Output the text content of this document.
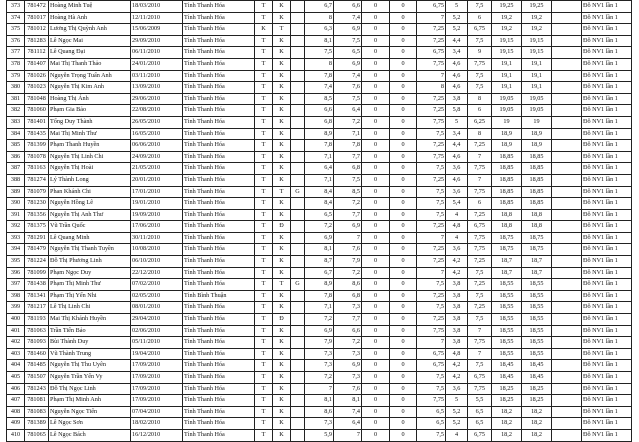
373	781472	Hoàng Minh Tuệ	18/03/2010	Tỉnh Thanh Hóa	T	K		6,7	6,6	0	0	6,75	5	7,5	19,25	19,25		Đỗ NV1 lần 1
374	781017	Hoàng Hà Anh	12/11/2010	Tỉnh Thanh Hóa	T	K		8	7,4	0	0	7	5,2	6	19,2	19,2		Đỗ NV1 lần 1
375	781012	Lương Thị Quỳnh Anh	15/06/2009	Tỉnh Thanh Hóa	K	T		6,3	6,9	0	0	7,25	5,2	6,75	19,2	19,2		Đỗ NV1 lần 1
376	781283	Lê Ngọc Mai	29/09/2010	Tỉnh Thanh Hóa	T	K		8,1	7,5	0	0	7,25	4,4	7,5	19,15	19,15		Đỗ NV1 lần 1
377	781112	Lê Quang Đại	06/11/2010	Tỉnh Thanh Hóa	T	K		7,5	6,5	0	0	6,75	3,4	9	19,15	19,15		Đỗ NV1 lần 1
378	781407	Mai Thị Thanh Thảo	24/01/2010	Tỉnh Thanh Hóa	T	K		8	6,9	0	0	7,75	4,6	7,75	19,1	19,1		Đỗ NV1 lần 1
379	781026	Nguyễn Trọng Tuấn Anh	03/11/2010	Tỉnh Thanh Hóa	T	K		7,8	7,4	0	0	7	4,6	7,5	19,1	19,1		Đỗ NV1 lần 1
380	781023	Nguyễn Thị Kim Anh	13/09/2010	Tỉnh Thanh Hóa	T	K		7,4	7,6	0	0	8	4,6	7,5	19,1	19,1		Đỗ NV1 lần 1
381	781048	Hoàng Thị Ánh	29/06/2010	Tỉnh Thanh Hóa	T	K		8,5	7,5	0	0	7,25	3,8	8	19,05	19,05		Đỗ NV1 lần 1
382	781060	Phạm Gia Bảo	22/08/2010	Tỉnh Thanh Hóa	T	K		6,6	6,4	0	0	7,25	5,8	6	19,05	19,05		Đỗ NV1 lần 1
383	781401	Tống Duy Thành	26/05/2010	Tỉnh Thanh Hóa	T	K		6,8	7,2	0	0	7,75	5	6,25	19	19		Đỗ NV1 lần 1
384	781435	Mai Thị Minh Thư	16/05/2010	Tỉnh Thanh Hóa	T	K		8,9	7,1	0	0	7,5	3,4	8	18,9	18,9		Đỗ NV1 lần 1
385	781399	Phạm Thanh Huyền	06/06/2010	Tỉnh Thanh Hóa	T	K		7,8	7,8	0	0	7,25	4,4	7,25	18,9	18,9		Đỗ NV1 lần 1
386	781078	Nguyễn Thị Linh Chi	24/09/2010	Tỉnh Thanh Hóa	T	K		7,1	7,7	0	0	7,75	4,6	7	18,85	18,85		Đỗ NV1 lần 1
387	781163	Nguyễn Thị Hoài	21/05/2010	Tỉnh Thanh Hóa	T	K		6,4	6,8	0	0	7,5	3,6	7,75	18,85	18,85		Đỗ NV1 lần 1
388	781274	Lý Thành Long	20/01/2010	Tỉnh Thanh Hóa	T	K		7,1	7,5	0	0	7,25	4,6	7	18,85	18,85		Đỗ NV1 lần 1
389	781079	Phan Khánh Chi	17/01/2010	Tỉnh Thanh Hóa	T	T	G	8,4	8,5	0	0	7,5	3,6	7,75	18,85	18,85		Đỗ NV1 lần 1
390	781230	Nguyễn Hồng Lê	19/01/2010	Tỉnh Thanh Hóa	T	K		8,4	7,2	0	0	7,5	5,4	6	18,85	18,85		Đỗ NV1 lần 1
391	781356	Nguyễn Thị Anh Thư	19/09/2010	Tỉnh Thanh Hóa	T	K		6,5	7,7	0	0	7,5	4	7,25	18,8	18,8		Đỗ NV1 lần 1
392	781375	Vũ Trần Quốc	17/06/2010	Tỉnh Thanh Hóa	T	Đ		7,2	6,9	0	0	7,25	4,8	6,75	18,8	18,8		Đỗ NV1 lần 1
393	781291	Lê Quang Minh	30/11/2010	Tỉnh Thanh Hóa	T	K		6,9	7	0	0	7	4	7,75	18,75	18,75		Đỗ NV1 lần 1
394	781479	Nguyễn Thị Thanh Tuyền	10/08/2010	Tỉnh Thanh Hóa	T	K		8,1	7,6	0	0	7,25	3,6	7,75	18,75	18,75		Đỗ NV1 lần 1
395	781224	Đỗ Thị Phương Linh	06/10/2010	Tỉnh Thanh Hóa	T	K		8,7	7,9	0	0	7,25	4,2	7,25	18,7	18,7		Đỗ NV1 lần 1
396	781099	Phạm Ngọc Duy	22/12/2010	Tỉnh Thanh Hóa	T	K		6,7	7,2	0	0	7	4,2	7,5	18,7	18,7		Đỗ NV1 lần 1
397	781438	Phạm Thị Minh Thư	07/02/2010	Tỉnh Thanh Hóa	T	T	G	8,9	8,6	0	0	7,5	3,8	7,25	18,55	18,55		Đỗ NV1 lần 1
398	781341	Phạm Thị Yến Nhi	02/05/2010	Tỉnh Bình Thuận	T	K		7,8	6,8	0	0	7,25	3,8	7,5	18,55	18,55		Đỗ NV1 lần 1
399	781217	Lê Thị Linh Chi	08/01/2010	Tỉnh Thanh Hóa	T	K		7,1	7,3	0	0	7,5	3,8	7,25	18,55	18,55		Đỗ NV1 lần 1
400	781193	Mai Thị Khánh Huyền	29/04/2010	Tỉnh Thanh Hóa	T	Đ		7,2	7,7	0	0	7,25	3,8	7,5	18,55	18,55		Đỗ NV1 lần 1
401	781063	Trần Tiến Bảo	02/06/2010	Tỉnh Thanh Hóa	T	K		6,9	6,6	0	0	7,75	3,8	7	18,55	18,55		Đỗ NV1 lần 1
402	781093	Bùi Thành Duy	05/11/2010	Tỉnh Thanh Hóa	T	K		7,9	7,2	0	0	7	3,8	7,75	18,55	18,55		Đỗ NV1 lần 1
403	781460	Vũ Thành Trung	19/04/2010	Tỉnh Thanh Hóa	T	K		7,3	7,3	0	0	6,75	4,8	7	18,55	18,55		Đỗ NV1 lần 1
404	781485	Nguyễn Thị Thu Uyên	17/09/2010	Tỉnh Thanh Hóa	T	K		7,3	6,9	0	0	6,75	4,2	7,5	18,45	18,45		Đỗ NV1 lần 1
405	781507	Nguyễn Trần Yến Vy	17/09/2010	Tỉnh Thanh Hóa	T	K		7,2	7,3	0	0	7,5	4,2	6,75	18,45	18,45		Đỗ NV1 lần 1
406	781243	Đỗ Thị Ngọc Linh	17/09/2010	Tỉnh Thanh Hóa	T	K		7	7,6	0	0	7,5	3,6	7,75	18,25	18,25		Đỗ NV1 lần 1
407	781081	Phạm Thị Minh Anh	17/09/2010	Tỉnh Thanh Hóa	T	K		8,1	8,1	0	0	7,75	5	5,5	18,25	18,25		Đỗ NV1 lần 1
408	781083	Nguyễn Ngọc Tiến	07/04/2010	Tỉnh Thanh Hóa	T	K		8,6	7,4	0	0	6,5	5,2	6,5	18,2	18,2		Đỗ NV1 lần 1
409	781389	Lê Ngọc Sơn	18/02/2010	Tỉnh Thanh Hóa	T	K		7,3	6,4	0	0	6,5	5,2	6,5	18,2	18,2		Đỗ NV1 lần 1
410	781065	Lê Ngọc Bách	16/12/2010	Tỉnh Thanh Hóa	T	K		5,9	7	0	0	7,5	4	6,75	18,2	18,2		Đỗ NV1 lần 1
